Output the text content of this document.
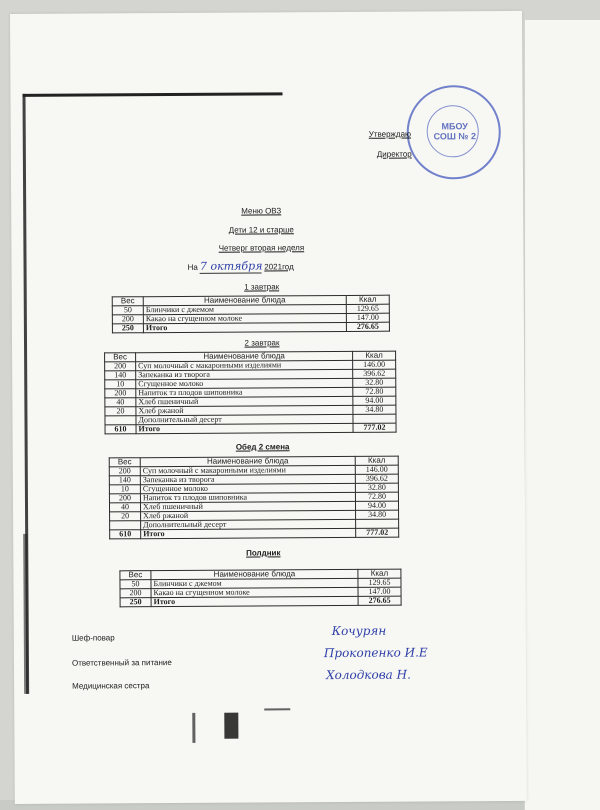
МБОУ
СОШ № 2
Утверждаю
Директор
Меню ОВЗ
Дети 12 и старше
Четверг вторая неделя
На 7 октября 2021год
1 завтрак
Вес	Наименование блюда	Ккал
50	Блинчики с джемом	129.65
200	Какао на сгущенном молоке	147.00
250	Итого	276.65
2 завтрак
Вес	Наименование блюда	Ккал
200	Суп молочный с макаронными изделиями	146.00
140	Запеканка из творога	396.62
10	Сгущенное молоко	32.80
200	Напиток тз плодов шиповника	72.80
40	Хлеб пшеничный	94.00
20	Хлеб ржаной	34.80
	Дополнительный десерт	
610	Итого	777.02
Обед 2 смена
Вес	Наименование блюда	Ккал
200	Суп молочный с макаронными изделиями	146.00
140	Запеканка из творога	396.62
10	Сгущенное молоко	32.80
200	Напиток тз плодов шиповника	72.80
40	Хлеб пшеничный	94.00
20	Хлеб ржаной	34.80
	Дополнительный десерт	
610	Итого	777.02
Полдник
Вес	Наименование блюда	Ккал
50	Блинчики с джемом	129.65
200	Какао на сгущенном молоке	147.00
250	Итого	276.65
Шеф-повар
Ответственный за питание
Медицинская сестра
Кочурян
Прокопенко И.Е
Холодкова Н.
